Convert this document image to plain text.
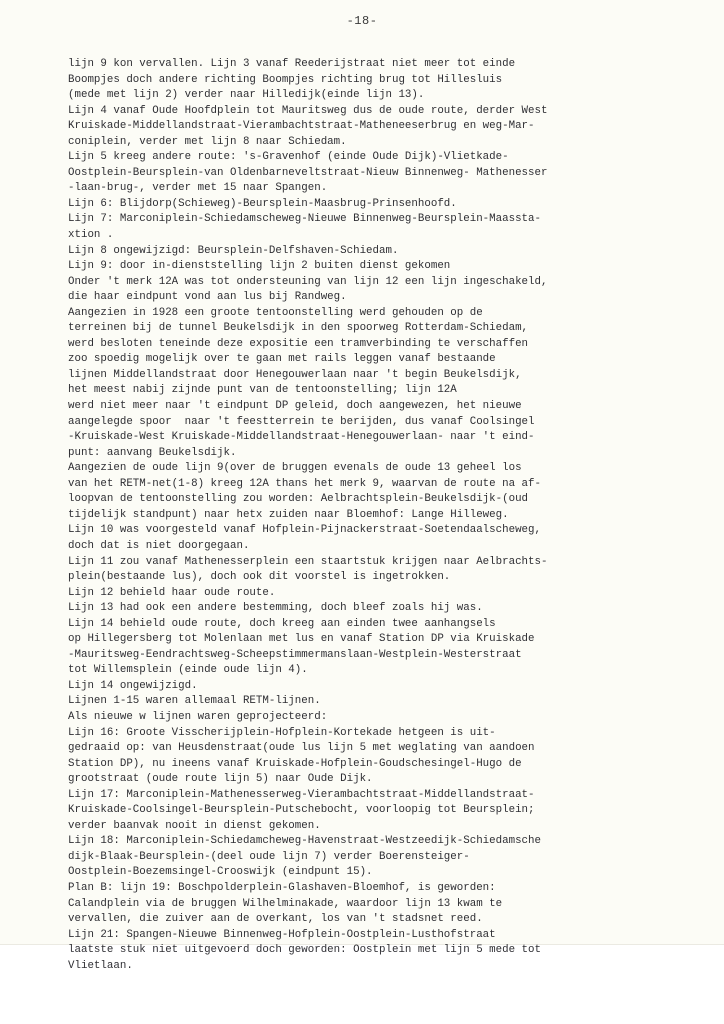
-18-
lijn 9 kon vervallen. Lijn 3 vanaf Reederijstraat niet meer tot einde
Boompjes doch andere richting Boompjes richting brug tot Hillesluis
(mede met lijn 2) verder naar Hilledijk(einde lijn 13).
Lijn 4 vanaf Oude Hoofdplein tot Mauritsweg dus de oude route, derder West
Kruiskade-Middellandstraat-Vierambachtstraat-Matheneeserbrug en weg-Mar-
coniplein, verder met lijn 8 naar Schiedam.
Lijn 5 kreeg andere route: 's-Gravenhof (einde Oude Dijk)-Vlietkade-
Oostplein-Beursplein-van Oldenbarneveltstraat-Nieuw Binnenweg- Mathenesser
-laan-brug-, verder met 15 naar Spangen.
Lijn 6: Blijdorp(Schieweg)-Beursplein-Maasbrug-Prinsenhoofd.
Lijn 7: Marconiplein-Schiedamscheweg-Nieuwe Binnenweg-Beursplein-Maassta-
xtion .
Lijn 8 ongewijzigd: Beursplein-Delfshaven-Schiedam.
Lijn 9: door in-dienststelling lijn 2 buiten dienst gekomen
Onder 't merk 12A was tot ondersteuning van lijn 12 een lijn ingeschakeld,
die haar eindpunt vond aan lus bij Randweg.
Aangezien in 1928 een groote tentoonstelling werd gehouden op de
terreinen bij de tunnel Beukelsdijk in den spoorweg Rotterdam-Schiedam,
werd besloten teneinde deze expositie een tramverbinding te verschaffen
zoo spoedig mogelijk over te gaan met rails leggen vanaf bestaande
lijnen Middellandstraat door Henegouwerlaan naar 't begin Beukelsdijk,
het meest nabij zijnde punt van de tentoonstelling; lijn 12A
werd niet meer naar 't eindpunt DP geleid, doch aangewezen, het nieuwe
aangelegde spoor  naar 't feestterrein te berijden, dus vanaf Coolsingel
-Kruiskade-West Kruiskade-Middellandstraat-Henegouwerlaan- naar 't eind-
punt: aanvang Beukelsdijk.
Aangezien de oude lijn 9(over de bruggen evenals de oude 13 geheel los
van het RETM-net(1-8) kreeg 12A thans het merk 9, waarvan de route na af-
loopvan de tentoonstelling zou worden: Aelbrachtsplein-Beukelsdijk-(oud
tijdelijk standpunt) naar hetx zuiden naar Bloemhof: Lange Hilleweg.
Lijn 10 was voorgesteld vanaf Hofplein-Pijnackerstraat-Soetendaalscheweg,
doch dat is niet doorgegaan.
Lijn 11 zou vanaf Mathenesserplein een staartstuk krijgen naar Aelbrachts-
plein(bestaande lus), doch ook dit voorstel is ingetrokken.
Lijn 12 behield haar oude route.
Lijn 13 had ook een andere bestemming, doch bleef zoals hij was.
Lijn 14 behield oude route, doch kreeg aan einden twee aanhangsels
op Hillegersberg tot Molenlaan met lus en vanaf Station DP via Kruiskade
-Mauritsweg-Eendrachtsweg-Scheepstimmermanslaan-Westplein-Westerstraat
tot Willemsplein (einde oude lijn 4).
Lijn 14 ongewijzigd.
Lijnen 1-15 waren allemaal RETM-lijnen.
Als nieuwe w lijnen waren geprojecteerd:
Lijn 16: Groote Visscherijplein-Hofplein-Kortekade hetgeen is uit-
gedraaid op: van Heusdenstraat(oude lus lijn 5 met weglating van aandoen
Station DP), nu ineens vanaf Kruiskade-Hofplein-Goudschesingel-Hugo de
grootstraat (oude route lijn 5) naar Oude Dijk.
Lijn 17: Marconiplein-Mathenesserweg-Vierambachtstraat-Middellandstraat-
Kruiskade-Coolsingel-Beursplein-Putschebocht, voorloopig tot Beursplein;
verder baanvak nooit in dienst gekomen.
Lijn 18: Marconiplein-Schiedamcheweg-Havenstraat-Westzeedijk-Schiedamsche
dijk-Blaak-Beursplein-(deel oude lijn 7) verder Boerensteiger-
Oostplein-Boezemsingel-Crooswijk (eindpunt 15).
Plan B: lijn 19: Boschpolderplein-Glashaven-Bloemhof, is geworden:
Calandplein via de bruggen Wilhelminakade, waardoor lijn 13 kwam te
vervallen, die zuiver aan de overkant, los van 't stadsnet reed.
Lijn 21: Spangen-Nieuwe Binnenweg-Hofplein-Oostplein-Lusthofstraat
laatste stuk niet uitgevoerd doch geworden: Oostplein met lijn 5 mede tot
Vlietlaan.
